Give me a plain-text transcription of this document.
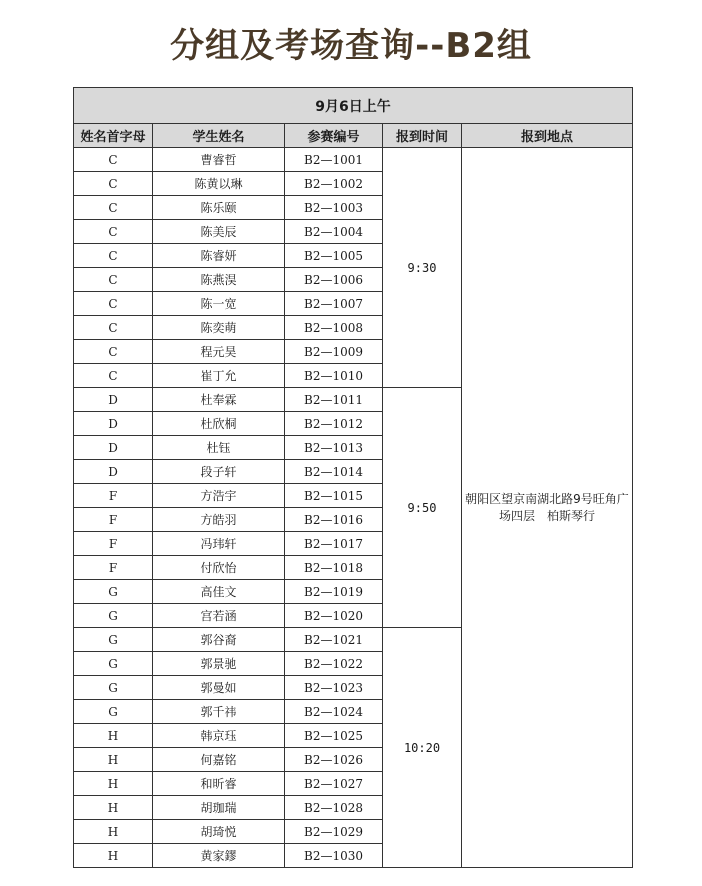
分组及考场查询--B2组
9月6日上午				
姓名首字母	学生姓名	参赛编号	报到时间	报到地点
C	曹睿哲	B2—1001	9:30	朝阳区望京南湖北路9号旺角广场四层　柏斯琴行
C	陈黄以琳	B2—1002		
C	陈乐颐	B2—1003		
C	陈美辰	B2—1004		
C	陈睿妍	B2—1005		
C	陈燕淏	B2—1006		
C	陈一宽	B2—1007		
C	陈奕萌	B2—1008		
C	程元昊	B2—1009		
C	崔丁允	B2—1010		
D	杜奉霖	B2—1011	9:50	
D	杜欣桐	B2—1012		
D	杜钰	B2—1013		
D	段子轩	B2—1014		
F	方浩宇	B2—1015		
F	方皓羽	B2—1016		
F	冯玮轩	B2—1017		
F	付欣怡	B2—1018		
G	高佳文	B2—1019		
G	宫若涵	B2—1020		
G	郭谷裔	B2—1021	10:20	
G	郭景驰	B2—1022		
G	郭曼如	B2—1023		
G	郭千祎	B2—1024		
H	韩京珏	B2—1025		
H	何嘉铭	B2—1026		
H	和昕睿	B2—1027		
H	胡珈瑞	B2—1028		
H	胡琦悦	B2—1029		
H	黄家鏐	B2—1030		
